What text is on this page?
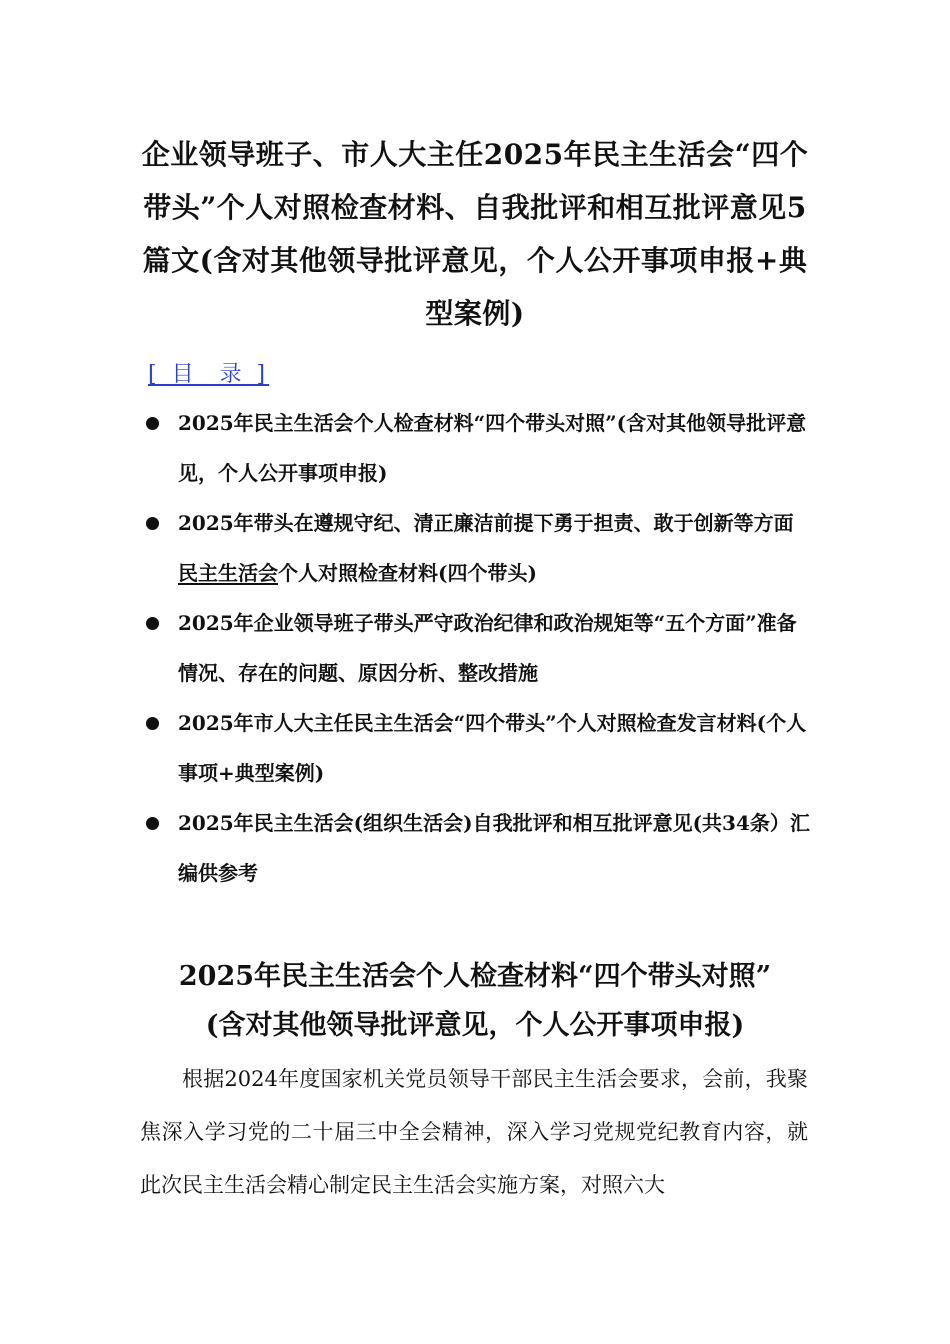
企业领导班子、市人大主任2025年民主生活会“四个带头”个人对照检查材料、自我批评和相互批评意见5篇文(含对其他领导批评意见，个人公开事项申报+典型案例)
[ 目  录 ]
2025年民主生活会个人检查材料“四个带头对照”(含对其他领导批评意见，个人公开事项申报)
2025年带头在遵规守纪、清正廉洁前提下勇于担责、敢于创新等方面民主生活会个人对照检查材料(四个带头)
2025年企业领导班子带头严守政治纪律和政治规矩等“五个方面”准备情况、存在的问题、原因分析、整改措施
2025年市人大主任民主生活会“四个带头”个人对照检查发言材料(个人事项+典型案例)
2025年民主生活会(组织生活会)自我批评和相互批评意见(共34条）汇编供参考
2025年民主生活会个人检查材料“四个带头对照”
(含对其他领导批评意见，个人公开事项申报)

根据2024年度国家机关党员领导干部民主生活会要求，会前，我聚焦深入学习党的二十届三中全会精神，深入学习党规党纪教育内容，就此次民主生活会精心制定民主生活会实施方案，对照六大
